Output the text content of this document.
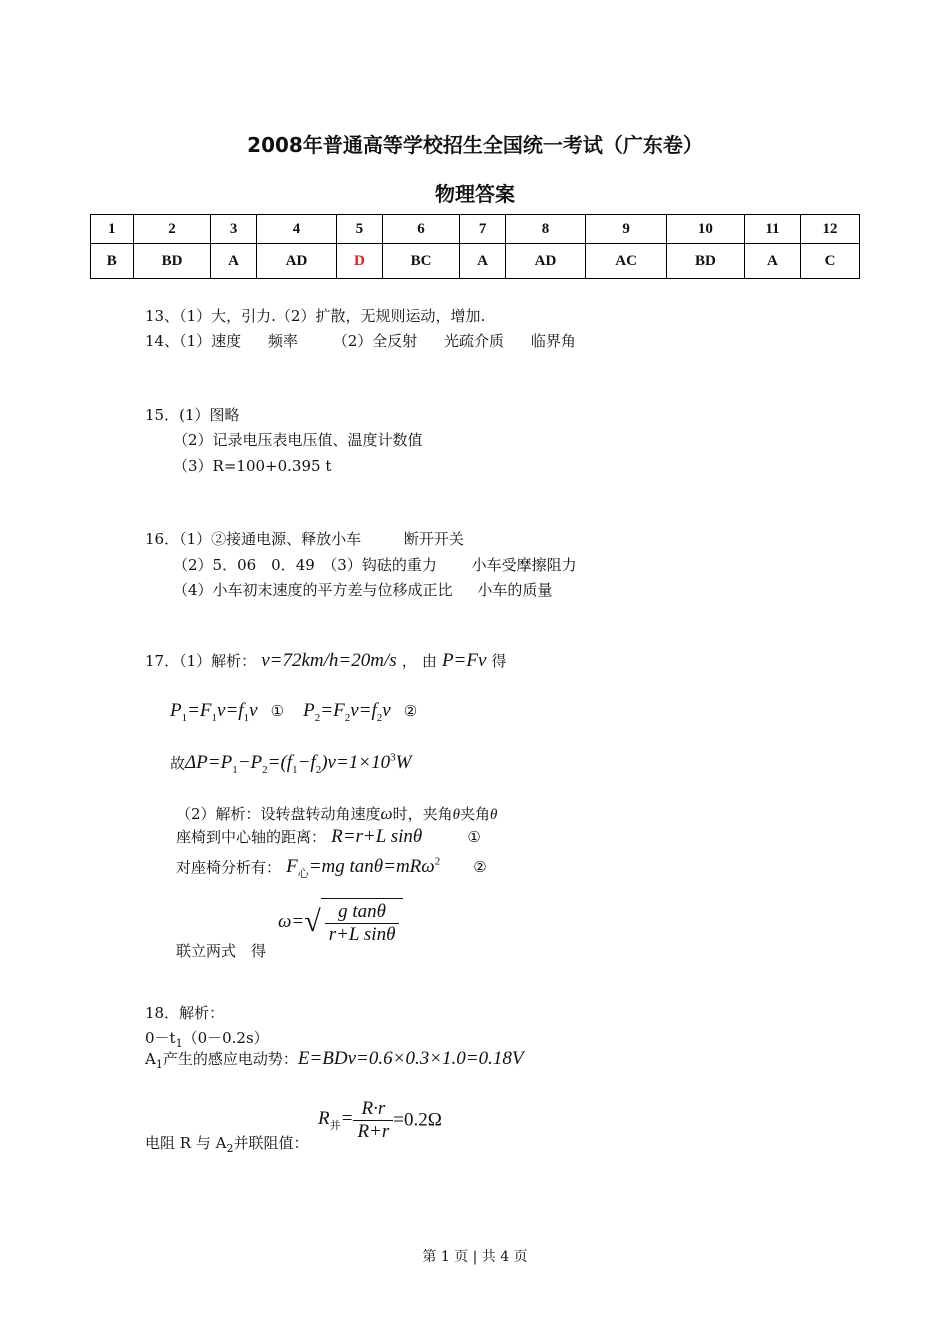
2008年普通高等学校招生全国统一考试（广东卷）
物理答案
1	2	3	4	5	6	7	8	9	10	11	12
B	BD	A	AD	D	BC	A	AD	AC	BD	A	C
13、（1）大，引力.（2）扩散，无规则运动，增加.
14、（1）速度 频率 （2）全反射 光疏介质 临界角
15．(1）图略
（2）记录电压表电压值、温度计数值
（3）R=100+0.395 t
16．（1）②接通电源、释放小车	断开开关
（2）5．06　0．49　（3）钩砝的重力 小车受摩擦阻力
（4）小车初末速度的平方差与位移成正比 小车的质量
17．（1）解析： v=72km/h=20m/s ， 由 P=Fv 得
$P_1=F_1v=f_1v$ ① $P_2=F_2v=f_2v$ ②
故$\Delta P=P_1-P_2=(f_1-f_2)v=1\times 10^3W$
（2）解析：设转盘转动角速度ω时，夹角θ夹角θ
座椅到中心轴的距离： R=r+L sinθ	①
对座椅分析有： $F_心=mg$ tanθ=mRω$^2$ ②
联立两式　得
$\omega=√ \frac{\text{g tanθ}}{\text{r+L sinθ}}$
18．解析：
$0-t_1(0-0.2s)$
$A_1$产生的感应电动势：E=BDv=0.6×0.3×1.0=0.18V
电阻 R 与 $A_2$并联阻值：
$R_并= \frac{R\cdot r}{R+r} =0.2\Omega$
第 1 页 | 共 4 页
